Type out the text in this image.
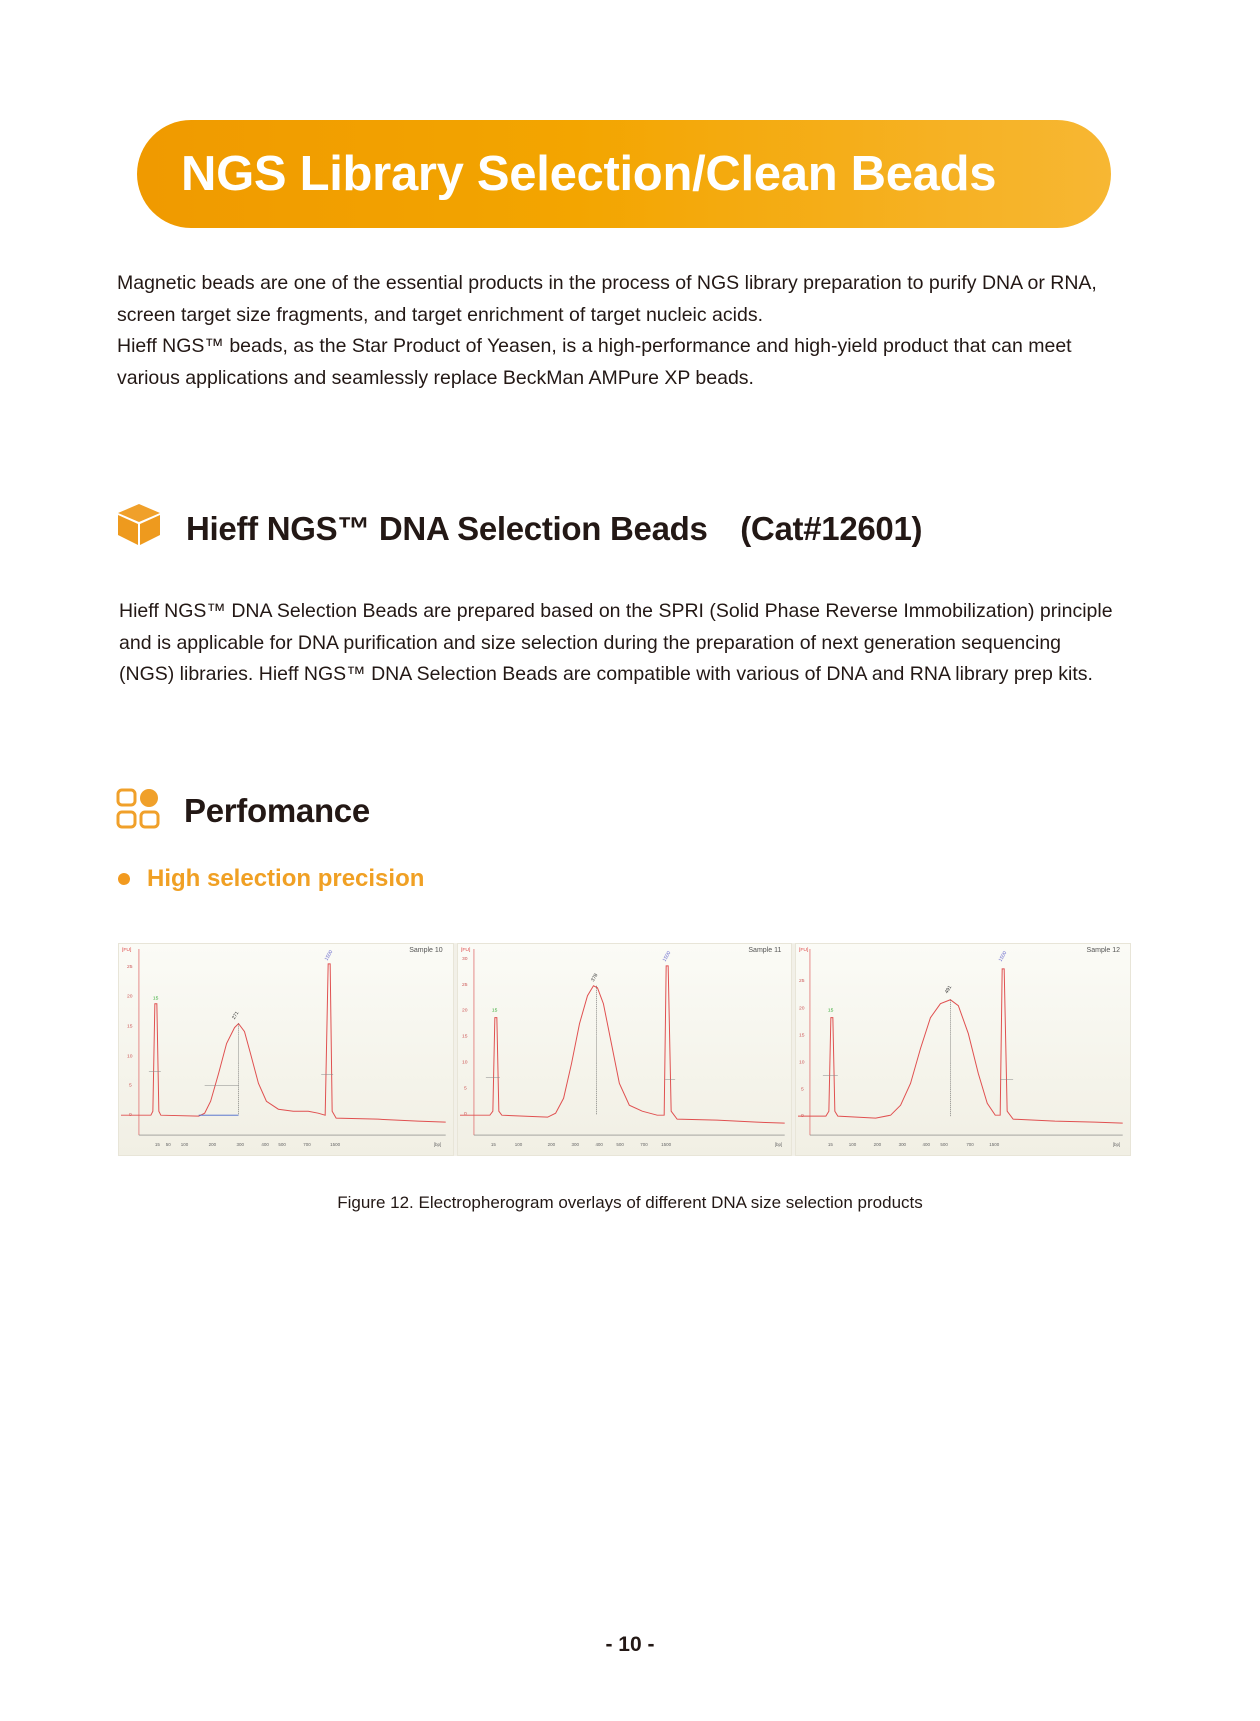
NGS Library Selection/Clean Beads

Magnetic beads are one of the essential products in the process of NGS library preparation to purify DNA or RNA,

screen target size fragments, and target enrichment of target nucleic acids.

Hieff NGS™ beads, as the Star Product of Yeasen, is a high-performance and high-yield product that can meet

various applications and seamlessly replace BeckMan AMPure XP beads.

Hieff NGS™ DNA Selection Beads　(Cat#12601)

Hieff NGS™ DNA Selection Beads are prepared based on the SPRI (Solid Phase Reverse Immobilization) principle

and is applicable for DNA purification and size selection during the preparation of next generation sequencing

(NGS) libraries. Hieff NGS™ DNA Selection Beads are compatible with various of DNA and RNA library prep kits.

Perfomance
High selection precision
[FU]
25
20
15
10
5
0
15 50 100	200	300	400 500	700	1500	[bp]
15
271
1500	Sample 10	[FU]
30
25
20
15
10
5
0
15	100	200	300	400	500	700	1500	[bp]
15
378
1500
Sample 11	[FU]
25
20
15
10
5
0
15	100	200	300	400 500	700	1500	[bp]
15
491
1500
Sample 12
Figure 12. Electropherogram overlays of different DNA size selection products
- 10 -
